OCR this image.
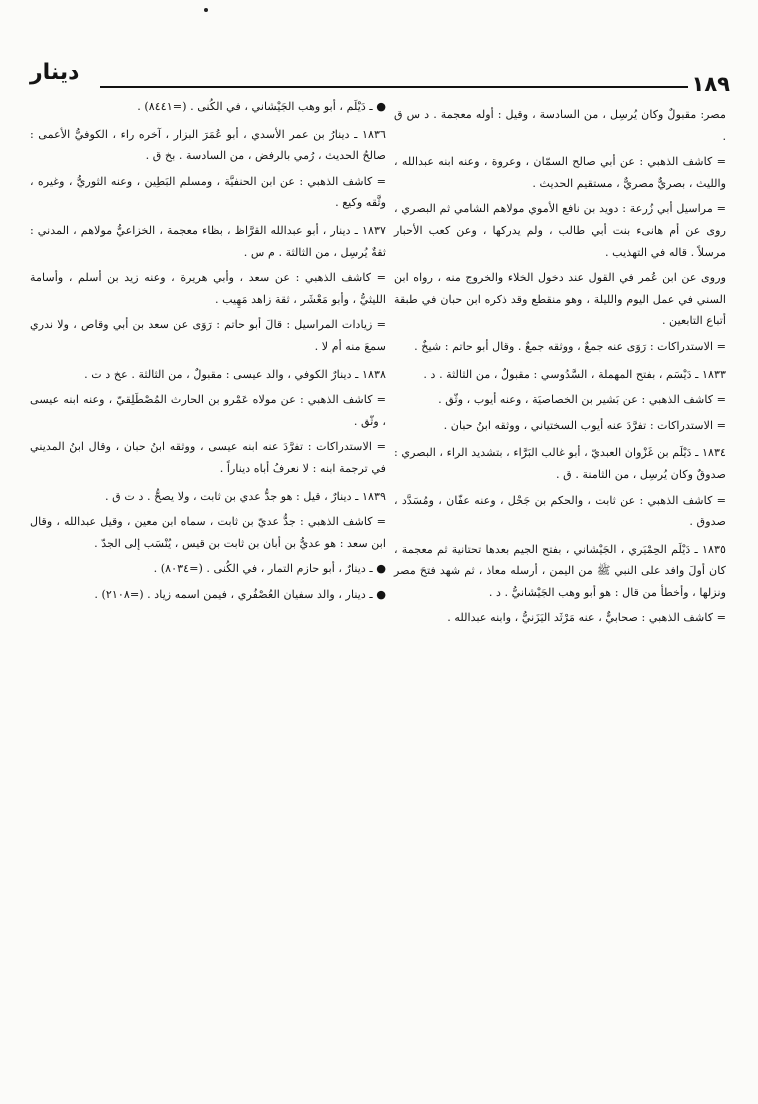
دينار	١٨٩

مصر: مقبولٌ وكان يُرسِل ، من السادسة ، وقيل : أوله معجمة . د س ق .

= كاشف الذهبي : عن أبي صالح السمّان ، وعروة ، وعنه ابنه عبدالله ، والليث ، بصريٌّ مصريٌّ ، مستقيم الحديث .

= مراسيل أبي زُرعة : دويد بن نافع الأموي مولاهم الشامي ثم البصري ، روى عن أم هانىء بنت أبي طالب ، ولم يدركها ، وعن كعب الأحبار مرسلاً . قاله في التهذيب .

وروى عن ابن عُمر في القول عند دخول الخلاء والخروج منه ، رواه ابن السني في عمل اليوم والليلة ، وهو منقطع وقد ذكره ابن حبان في طبقة أتباع التابعين .

= الاستدراكات : رَوَى عنه جمعٌ ، ووثقه جمعٌ . وقال أبو حاتم : شيخٌ .

١٨٣٣ ـ دَيْسَم ، بفتح المهملة ، السَّدُوسي : مقبولٌ ، من الثالثة . د .

= كاشف الذهبي : عن بَشير بن الخصاصيَة ، وعنه أيوب ، وثّق .

= الاستدراكات : تفرَّدَ عنه أيوب السختياني ، ووثقه ابنُ حبان .

١٨٣٤ ـ دَيْلَم بن غَزْوان العبديّ ، أبو غالب البَرَّاء ، بتشديد الراء ، البصري : صدوقٌ وكان يُرسِل ، من الثامنة . ق .

= كاشف الذهبي : عن ثابت ، والحكم بن جَحْل ، وعنه عفّان ، ومُسَدَّد ، صدوق .

١٨٣٥ ـ دَيْلَم الحِمْيَري ، الجَيْشاني ، بفتح الجيم بعدها تحتانية ثم معجمة ، كان أولَ وافد على النبي ﷺ من اليمن ، أرسله معاذ ، ثم شهد فتحَ مصر ونزلها ، وأخطأ من قال : هو أبو وهب الجَيْشانيُّ . د .

= كاشف الذهبي : صحابيٌّ ، عنه مَرْثَد اليَزَنيُّ ، وابنه عبدالله .

● ـ دَيْلَم ، أبو وهب الجَيْشاني ، في الكُنى . (=٨٤٤١) .

١٨٣٦ ـ دينارُ بن عمر الأسدي ، أبو عُمَرَ البزار ، آخره راء ، الكوفيُّ الأعمى : صالحُ الحديث ، رُمي بالرفض ، من السادسة . بخ ق .

= كاشف الذهبي : عن ابن الحنفيَّة ، ومسلم البَطِين ، وعنه الثوريُّ ، وغيره ، وثَّقه وكيع .

١٨٣٧ ـ دينار ، أبو عبدالله القرَّاظ ، بظاء معجمة ، الخزاعيُّ مولاهم ، المدني : ثقةٌ يُرسِل ، من الثالثة . م س .

= كاشف الذهبي : عن سعد ، وأبي هريرة ، وعنه زيد بن أسلم ، وأسامة الليثيُّ ، وأبو مَعْشَر ، ثقة زاهد مَهِيب .

= زيادات المراسيل : قالَ أبو حاتم : رَوَى عن سعد بن أبي وقاص ، ولا ندري سمعَ منه أم لا .

١٨٣٨ ـ دينارٌ الكوفي ، والد عيسى : مقبولٌ ، من الثالثة . عخ د ت .

= كاشف الذهبي : عن مولاه عَمْرو بن الحارث المُصْطَلِقيّ ، وعنه ابنه عيسى ، وثّق .

= الاستدراكات : تفرَّدَ عنه ابنه عيسى ، ووثقه ابنُ حبان ، وقال ابنُ المديني في ترجمة ابنه : لا نعرفُ أباه ديناراً .

١٨٣٩ ـ دينارٌ ، قيل : هو جدُّ عدي بن ثابت ، ولا يصحُّ . د ت ق .

= كاشف الذهبي : جدُّ عديّ بن ثابت ، سماه ابن معين ، وقيل عبدالله ، وقال ابن سعد : هو عديُّ بن أبان بن ثابت بن قيس ، يُنْسَب إلى الجدّ .

● ـ دينارٌ ، أبو حازم التمار ، في الكُنى . (=٨٠٣٤) .

● ـ دينار ، والد سفيان العُصْفُري ، فيمن اسمه زياد . (=٢١٠٨) .
